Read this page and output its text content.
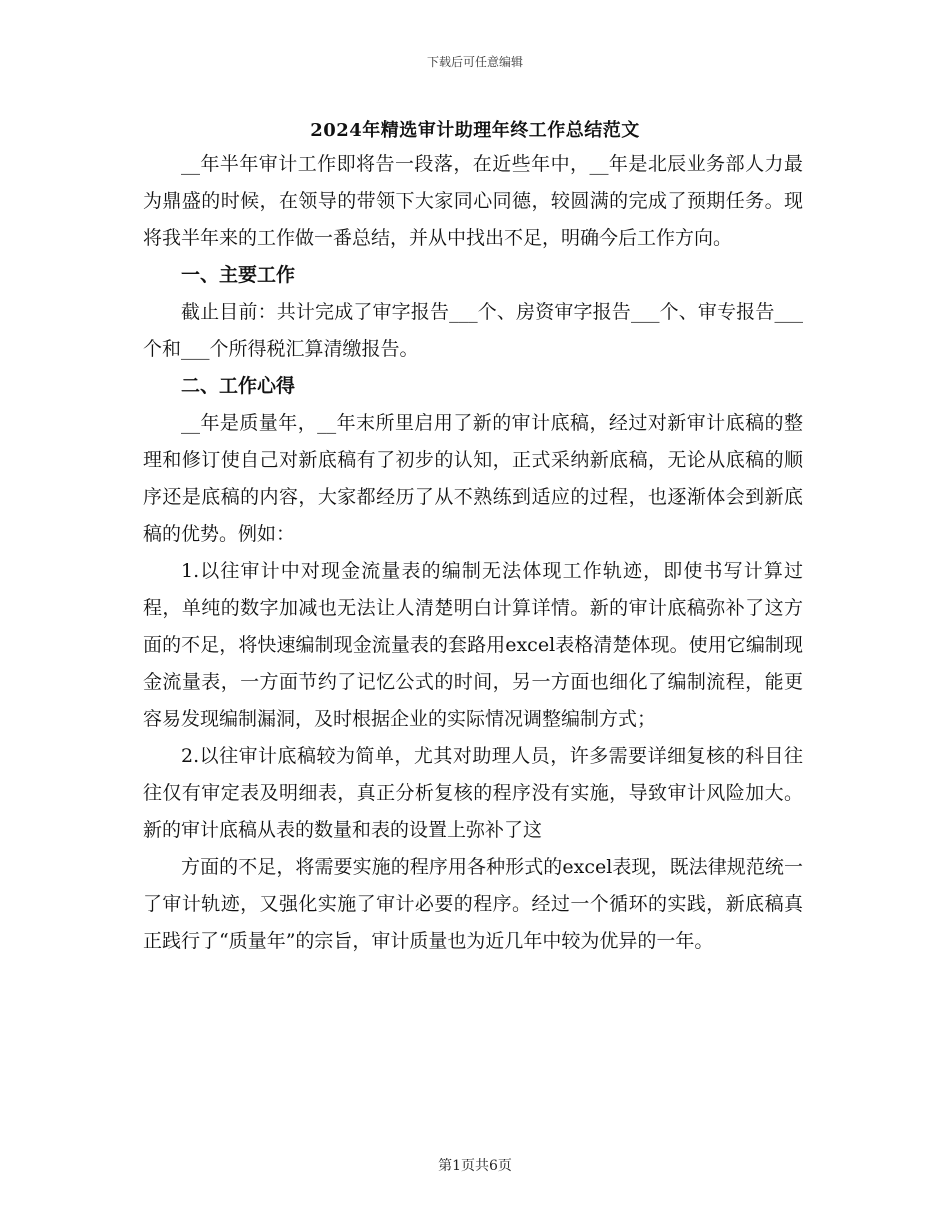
下载后可任意编辑
2024年精选审计助理年终工作总结范文

__年半年审计工作即将告一段落，在近些年中，__年是北辰业务部人力最为鼎盛的时候，在领导的带领下大家同心同德，较圆满的完成了预期任务。现将我半年来的工作做一番总结，并从中找出不足，明确今后工作方向。

一、主要工作

截止目前：共计完成了审字报告___个、房资审字报告___个、审专报告___个和___个所得税汇算清缴报告。

二、工作心得

__年是质量年，__年末所里启用了新的审计底稿，经过对新审计底稿的整理和修订使自己对新底稿有了初步的认知，正式采纳新底稿，无论从底稿的顺序还是底稿的内容，大家都经历了从不熟练到适应的过程，也逐渐体会到新底稿的优势。例如：

1.以往审计中对现金流量表的编制无法体现工作轨迹，即使书写计算过程，单纯的数字加减也无法让人清楚明白计算详情。新的审计底稿弥补了这方面的不足，将快速编制现金流量表的套路用excel表格清楚体现。使用它编制现金流量表，一方面节约了记忆公式的时间，另一方面也细化了编制流程，能更容易发现编制漏洞，及时根据企业的实际情况调整编制方式；

2.以往审计底稿较为简单，尤其对助理人员，许多需要详细复核的科目往往仅有审定表及明细表，真正分析复核的程序没有实施，导致审计风险加大。新的审计底稿从表的数量和表的设置上弥补了这

方面的不足，将需要实施的程序用各种形式的excel表现，既法律规范统一了审计轨迹，又强化实施了审计必要的程序。经过一个循环的实践，新底稿真正践行了“质量年”的宗旨，审计质量也为近几年中较为优异的一年。

第1页共6页
